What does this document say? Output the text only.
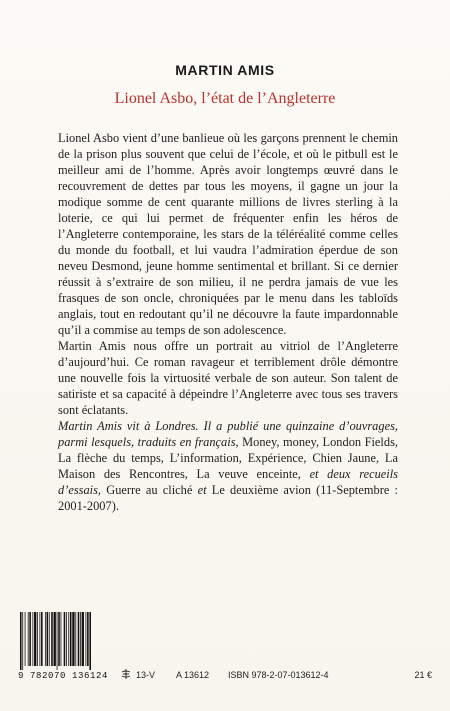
MARTIN AMIS
Lionel Asbo, l’état de l’Angleterre

Lionel Asbo vient d’une banlieue où les garçons prennent le chemin de la prison plus souvent que celui de l’école, et où le pitbull est le meilleur ami de l’homme. Après avoir longtemps œuvré dans le recouvrement de dettes par tous les moyens, il gagne un jour la modique somme de cent quarante millions de livres sterling à la loterie, ce qui lui permet de fréquenter enfin les héros de l’Angleterre contemporaine, les stars de la téléréalité comme celles du monde du football, et lui vaudra l’admiration éperdue de son neveu Desmond, jeune homme sentimental et brillant. Si ce dernier réussit à s’extraire de son milieu, il ne perdra jamais de vue les frasques de son oncle, chroniquées par le menu dans les tabloïds anglais, tout en redoutant qu’il ne découvre la faute impardonnable qu’il a commise au temps de son adolescence.

Martin Amis nous offre un portrait au vitriol de l’Angleterre d’aujourd’hui. Ce roman ravageur et terriblement drôle démontre une nouvelle fois la virtuosité verbale de son auteur. Son talent de satiriste et sa capacité à dépeindre l’Angleterre avec tous ses travers sont éclatants.

Martin Amis vit à Londres. Il a publié une quinzaine d’ouvrages, parmi lesquels, traduits en français, Money, money, London Fields, La flèche du temps, L’information, Expérience, Chien Jaune, La Maison des Rencontres, La veuve enceinte, et deux recueils d’essais, Guerre au cliché et Le deuxième avion (11-Septembre : 2001-2007).

9 782070 136124	13-V A 13612 ISBN 978-2-07-013612-4	21 €
